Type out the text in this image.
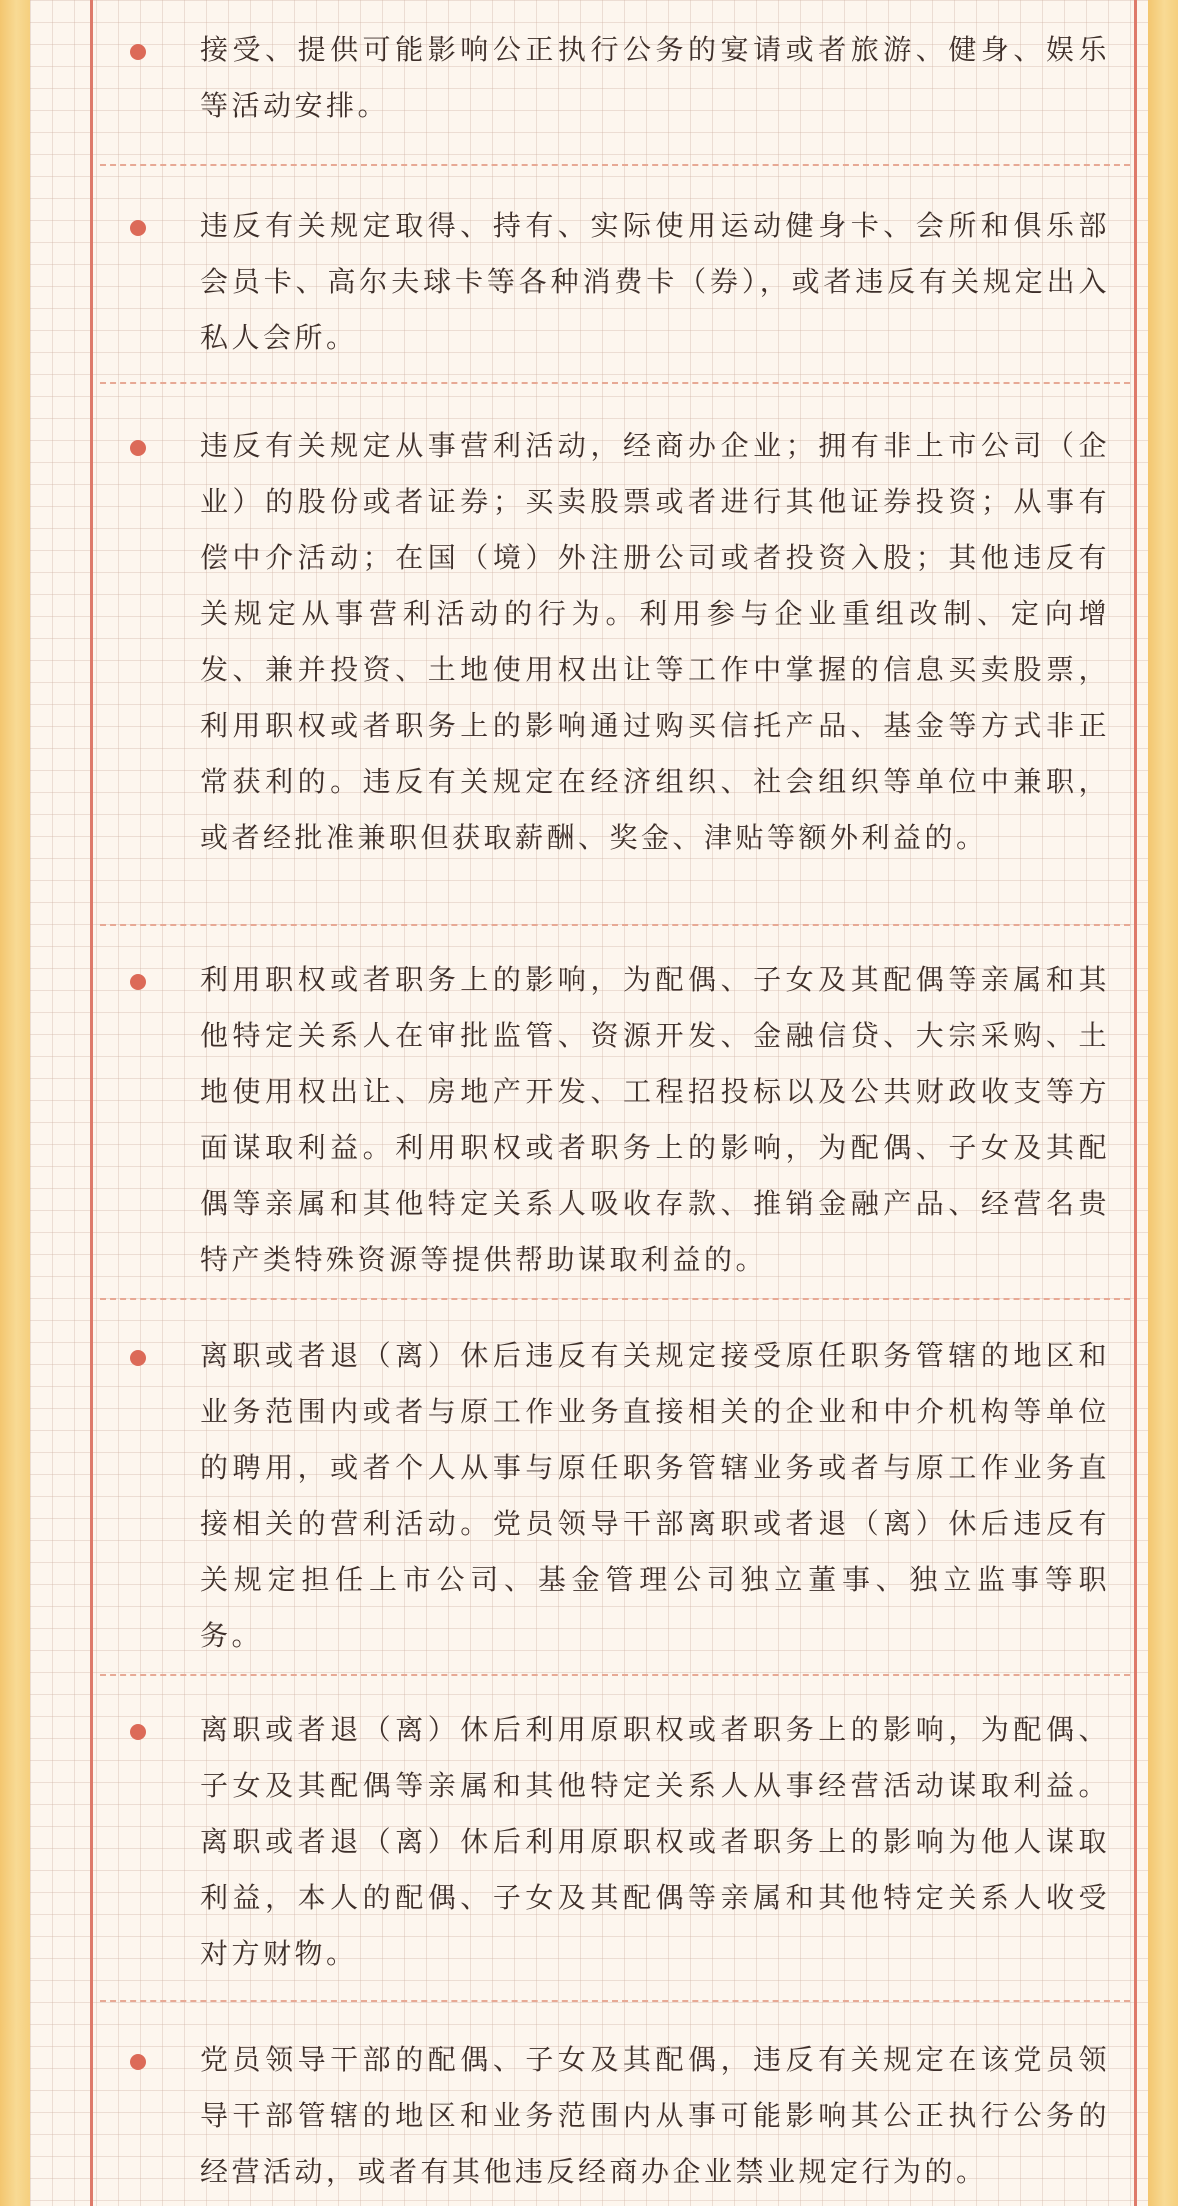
接受、提供可能影响公正执行公务的宴请或者旅游、健身、娱乐等活动安排。
违反有关规定取得、持有、实际使用运动健身卡、会所和俱乐部会员卡、高尔夫球卡等各种消费卡（券），或者违反有关规定出入私人会所。
违反有关规定从事营利活动，经商办企业；拥有非上市公司（企业）的股份或者证券；买卖股票或者进行其他证券投资；从事有偿中介活动；在国（境）外注册公司或者投资入股；其他违反有关规定从事营利活动的行为。利用参与企业重组改制、定向增发、兼并投资、土地使用权出让等工作中掌握的信息买卖股票，利用职权或者职务上的影响通过购买信托产品、基金等方式非正常获利的。违反有关规定在经济组织、社会组织等单位中兼职，或者经批准兼职但获取薪酬、奖金、津贴等额外利益的。
利用职权或者职务上的影响，为配偶、子女及其配偶等亲属和其他特定关系人在审批监管、资源开发、金融信贷、大宗采购、土地使用权出让、房地产开发、工程招投标以及公共财政收支等方面谋取利益。利用职权或者职务上的影响，为配偶、子女及其配偶等亲属和其他特定关系人吸收存款、推销金融产品、经营名贵特产类特殊资源等提供帮助谋取利益的。
离职或者退（离）休后违反有关规定接受原任职务管辖的地区和业务范围内或者与原工作业务直接相关的企业和中介机构等单位的聘用，或者个人从事与原任职务管辖业务或者与原工作业务直接相关的营利活动。党员领导干部离职或者退（离）休后违反有关规定担任上市公司、基金管理公司独立董事、独立监事等职务。
离职或者退（离）休后利用原职权或者职务上的影响，为配偶、子女及其配偶等亲属和其他特定关系人从事经营活动谋取利益。离职或者退（离）休后利用原职权或者职务上的影响为他人谋取利益，本人的配偶、子女及其配偶等亲属和其他特定关系人收受对方财物。
党员领导干部的配偶、子女及其配偶，违反有关规定在该党员领导干部管辖的地区和业务范围内从事可能影响其公正执行公务的经营活动，或者有其他违反经商办企业禁业规定行为的。
